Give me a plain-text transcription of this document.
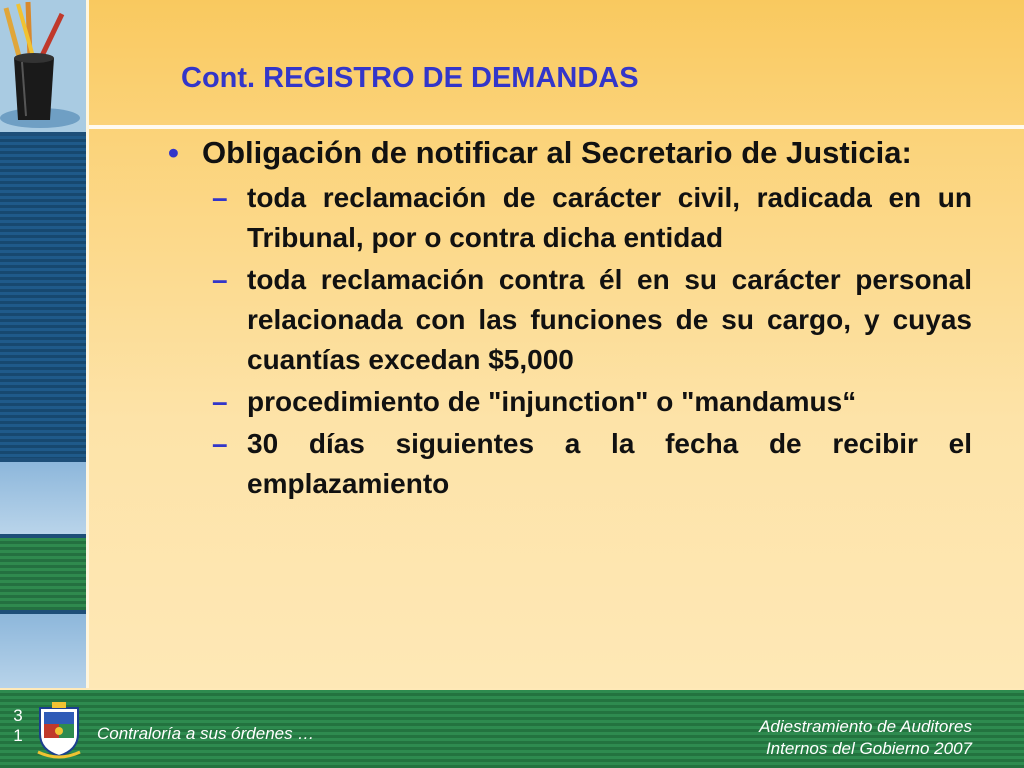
Cont. REGISTRO DE DEMANDAS
• Obligación de notificar al Secretario de Justicia:
– toda reclamación de carácter civil, radicada en un Tribunal, por o contra dicha entidad
– toda reclamación contra él en su carácter personal relacionada con las funciones de su cargo, y cuyas cuantías excedan $5,000
– procedimiento de "injunction" o "mandamus“
– 30 días siguientes a la fecha de recibir el emplazamiento
31	Contraloría a sus órdenes …	Adiestramiento de Auditores
Internos del Gobierno 2007
